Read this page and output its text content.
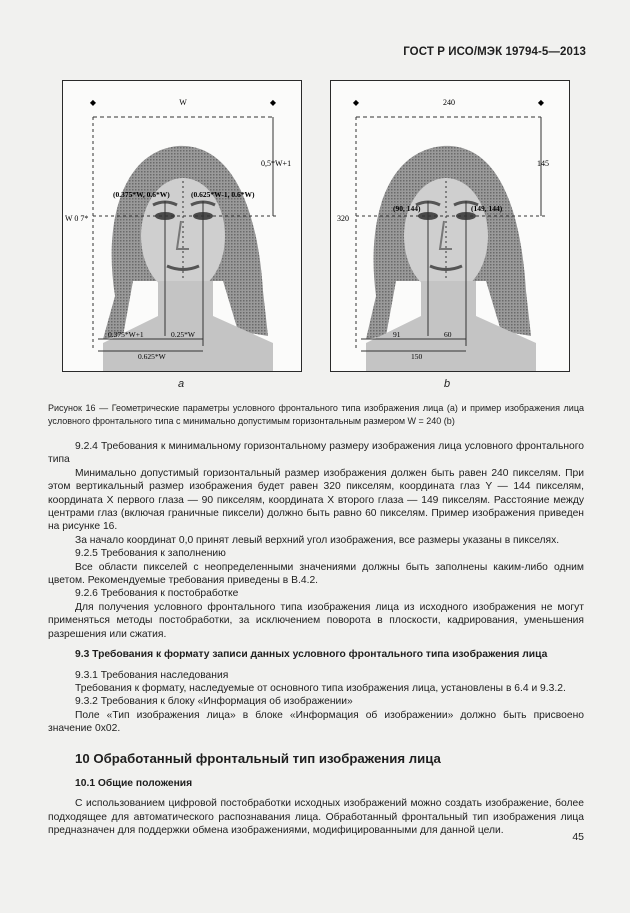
ГОСТ Р ИСО/МЭК 19794-5—2013
W
◆	◆
0,5*W+1
W 0 7*
(0.375*W, 0.6*W)	(0.625*W-1, 0.6*W)
0.375*W+1	0.25*W
0.625*W
a
240
◆	◆
145
320
(90, 144)	(149, 144)
91	60
150
b
Рисунок 16 — Геометрические параметры условного фронтального типа изображения лица (a) и пример изображения лица условного фронтального типа с минимально допустимым горизонтальным размером W = 240 (b)

9.2.4 Требования к минимальному горизонтальному размеру изображения лица условного фронтального типа

Минимально допустимый горизонтальный размер изображения должен быть равен 240 пикселям. При этом вертикальный размер изображения будет равен 320 пикселям, координата глаз Y — 144 пикселям, координата X первого глаза — 90 пикселям, координата X второго глаза — 149 пикселям. Расстояние между центрами глаз (включая граничные пиксели) должно быть равно 60 пикселям. Пример изображения приведен на рисунке 16.

За начало координат 0,0 принят левый верхний угол изображения, все размеры указаны в пикселях.

9.2.5 Требования к заполнению

Все области пикселей с неопределенными значениями должны быть заполнены каким-либо одним цветом. Рекомендуемые требования приведены в В.4.2.

9.2.6 Требования к постобработке

Для получения условного фронтального типа изображения лица из исходного изображения не могут применяться методы постобработки, за исключением поворота в плоскости, кадрирования, уменьшения разрешения или сжатия.

9.3 Требования к формату записи данных условного фронтального типа изображения лица

9.3.1 Требования наследования

Требования к формату, наследуемые от основного типа изображения лица, установлены в 6.4 и 9.3.2.

9.3.2 Требования к блоку «Информация об изображении»

Поле «Тип изображения лица» в блоке «Информация об изображении» должно быть присвоено значение 0x02.

10 Обработанный фронтальный тип изображения лица

10.1 Общие положения

С использованием цифровой постобработки исходных изображений можно создать изображение, более подходящее для автоматического распознавания лица. Обработанный фронтальный тип изображения лица предназначен для поддержки обмена изображениями, модифицированными для данной цели.

45
